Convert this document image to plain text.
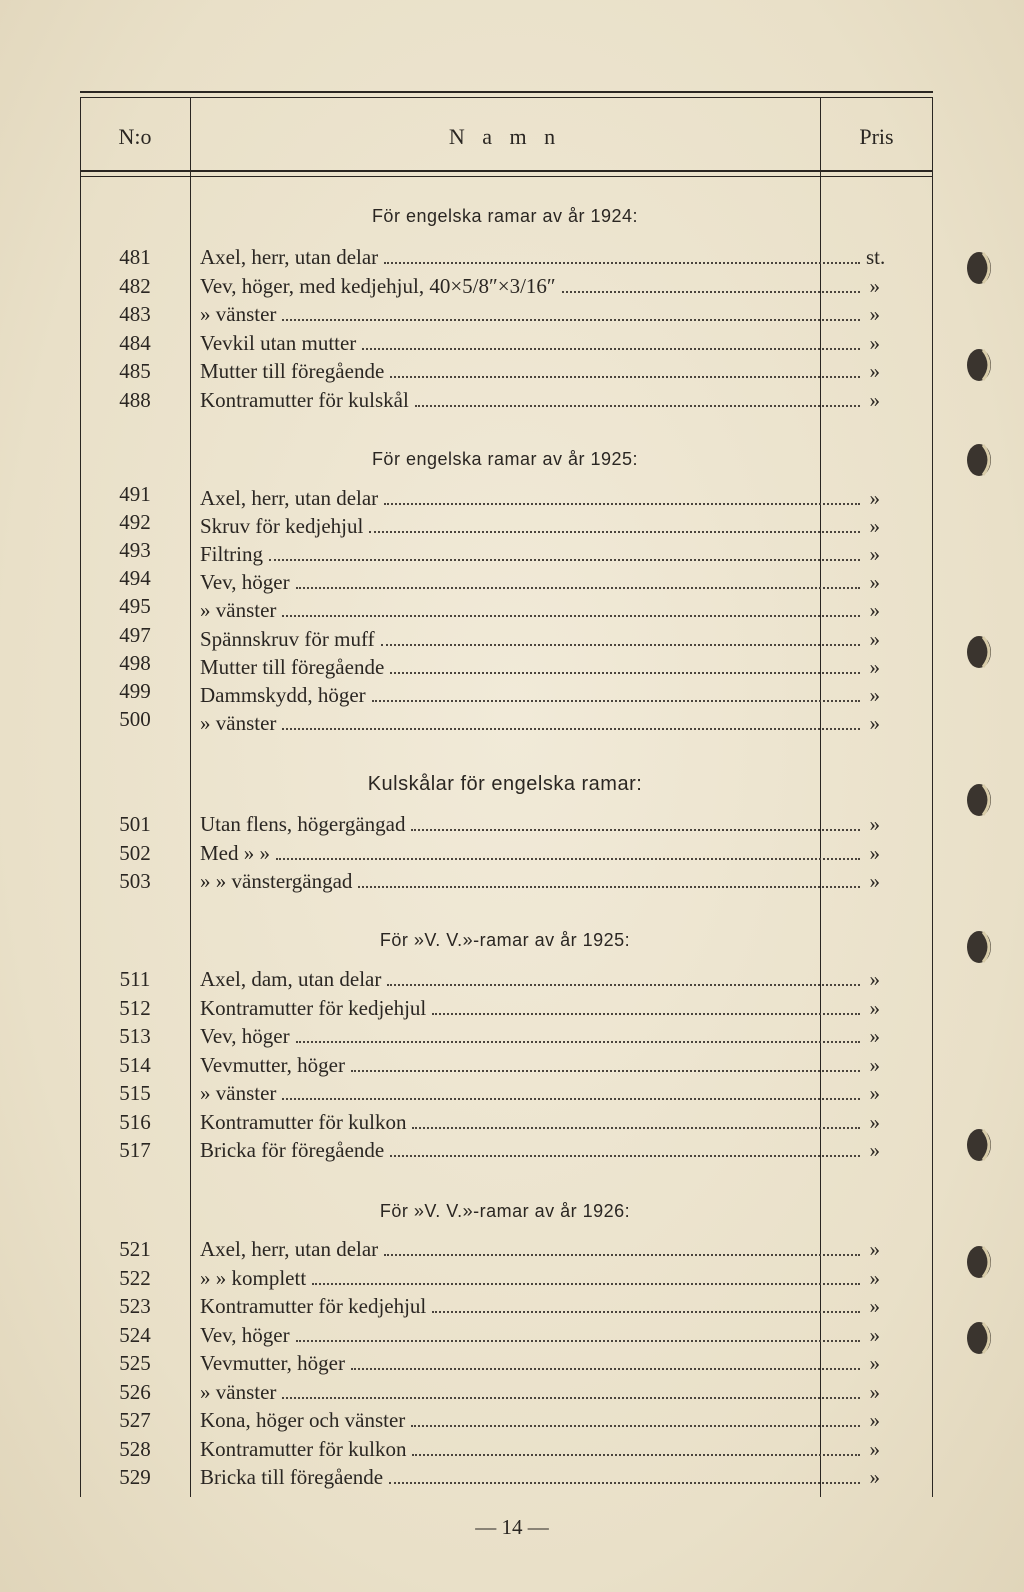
N:o	N a m n	Pris
För engelska ramar av år 1924:
481	Axel, herr, utan delar	st.
482	Vev, höger, med kedjehjul, 40×5/8″×3/16″	»
483	» vänster	»
484	Vevkil utan mutter	»
485	Mutter till föregående	»
488	Kontramutter för kulskål	»
För engelska ramar av år 1925:
491	Axel, herr, utan delar	»
492	Skruv för kedjehjul	»
493	Filtring	»
494	Vev, höger	»
495	» vänster	»
497	Spännskruv för muff	»
498	Mutter till föregående	»
499	Dammskydd, höger	»
500	» vänster	»
Kulskålar för engelska ramar:
501	Utan flens, högergängad	»
502	Med » »	»
503	» » vänstergängad	»
För »V. V.»-ramar av år 1925:
511	Axel, dam, utan delar	»
512	Kontramutter för kedjehjul	»
513	Vev, höger	»
514	Vevmutter, höger	»
515	» vänster	»
516	Kontramutter för kulkon	»
517	Bricka för föregående	»
För »V. V.»-ramar av år 1926:
521	Axel, herr, utan delar	»
522	» » komplett	»
523	Kontramutter för kedjehjul	»
524	Vev, höger	»
525	Vevmutter, höger	»
526	» vänster	»
527	Kona, höger och vänster	»
528	Kontramutter för kulkon	»
529	Bricka till föregående	»
— 14 —
